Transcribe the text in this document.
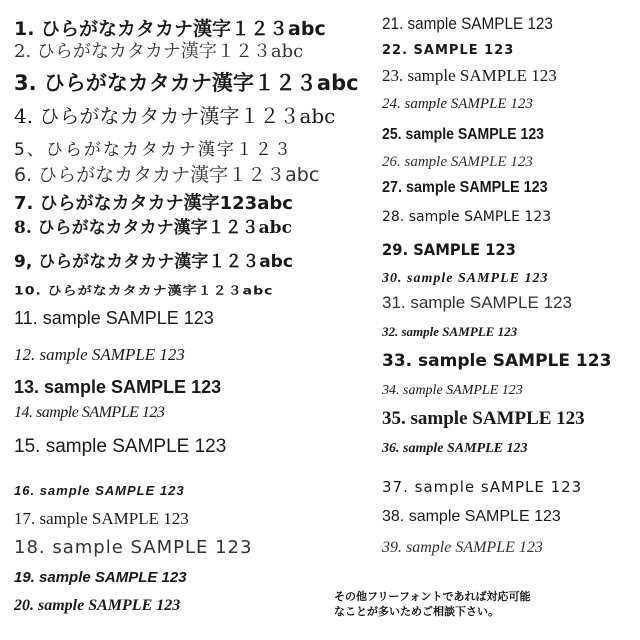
1. ひらがなカタカナ漢字１２３abc
2. ひらがなカタカナ漢字１２３abc
3. ひらがなカタカナ漢字１２３abc
4. ひらがなカタカナ漢字１２３abc
5、ひらがなカタカナ漢字１２３
6. ひらがなカタカナ漢字１２３abc
7. ひらがなカタカナ漢字123abc
8. ひらがなカタカナ漢字１２３abc
9, ひらがなカタカナ漢字１２３abc
10. ひらがなカタカナ漢字１２３abc
11. sample SAMPLE 123
12. sample SAMPLE 123
13. sample SAMPLE 123
14. sample SAMPLE 123
15. sample SAMPLE 123
16. sample SAMPLE 123
17. sample SAMPLE 123
18. sample SAMPLE 123
19. sample SAMPLE 123
20. sample SAMPLE 123
21. sample SAMPLE 123
22. SAMPLE 123
23. sample SAMPLE 123
24. sample SAMPLE 123
25. sample SAMPLE 123
26. sample SAMPLE 123
27. sample SAMPLE 123
28. sample SAMPLE 123
29. SAMPLE 123
30. sample SAMPLE 123
31. sample SAMPLE 123
32. sample SAMPLE 123
33. sample SAMPLE 123
34. sample SAMPLE 123
35. sample SAMPLE 123
36. sample SAMPLE 123
37. sample sAMPLE 123
38. sample SAMPLE 123
39. sample SAMPLE 123
その他フリーフォントであれば対応可能
なことが多いためご相談下さい。
